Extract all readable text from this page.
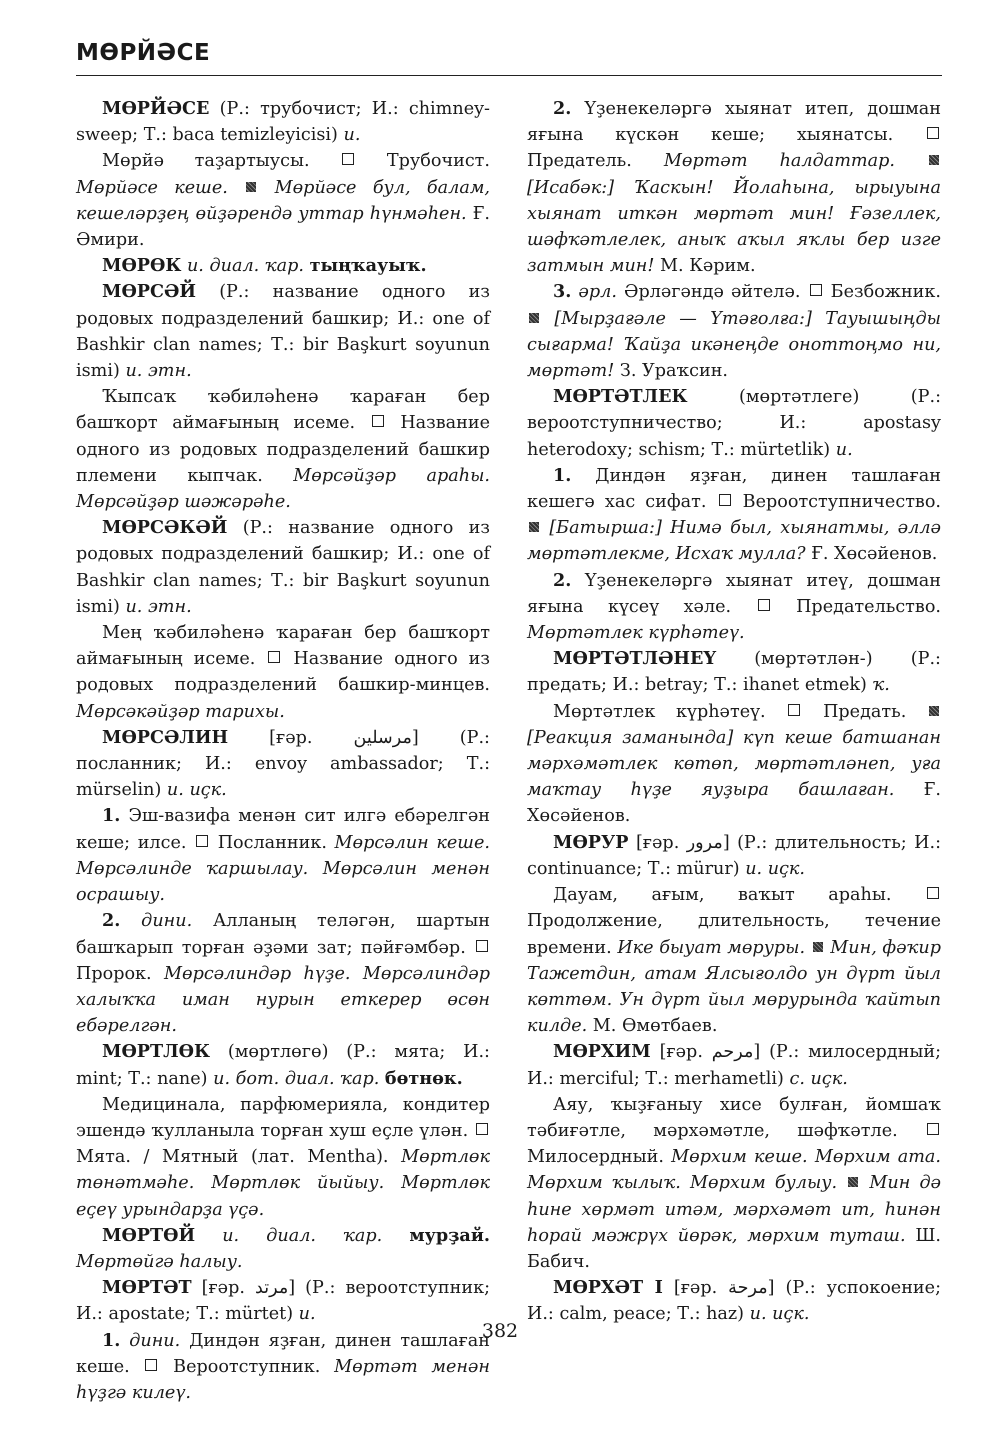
МӨРЙӘСЕ

МӨРЙӘСЕ (Р.: трубочист; И.: chimney-sweep; Т.: baca temizleyicisi) и.

Мөрйә таҙартыусы.	Трубочист. Мөрйәсе кеше.  Мөрйәсе бул, балам, кешеләрҙең өйҙәрендә уттар һүнмәһен. Ғ. Әмири.

МӨРӨК и. диал. ҡар. тыңҡауыҡ.

МӨРСӘЙ (Р.: название одного из родовых подразделений башкир; И.: one of Bashkir clan names; Т.: bir Başkurt soyunun ismi) и. этн.

Ҡыпсаҡ ҡәбиләһенә ҡараған бер башҡорт аймағының исеме.  Название одного из родовых подразделений башкир племени кыпчак. Мөрсәйҙәр араһы. Мөрсәйҙәр шәжәрәһе.

МӨРСӘКӘЙ (Р.: название одного из родовых подразделений башкир; И.: one of Bashkir clan names; Т.: bir Başkurt soyunun ismi) и. этн.

Мең ҡәбиләһенә ҡараған бер башҡорт аймағының исеме.  Название одного из родовых подразделений башкир-минцев. Мөрсәкәйҙәр тарихы.

МӨРСӘЛИН [ғәр. مرسلين] (Р.: посланник; И.: envoy ambassador; Т.: mürselin) и. иҫк.

1. Эш-вазифа менән сит илгә ебәрелгән кеше; илсе.  Посланник. Мөрсәлин кеше. Мөрсәлинде ҡаршылау. Мөрсәлин менән осрашыу.

2. дини. Алланың теләгән, шартын башҡарып торған әҙәми зат; пәйғәмбәр.  Пророк. Мөрсәлиндәр һүҙе. Мөрсәлиндәр халыҡҡа иман нурын еткерер өсөн ебәрелгән.

МӨРТЛӨК (мөртлөгө) (Р.: мята; И.: mint; Т.: nane) и. бот. диал. ҡар. бөтнөк.

Медицинала, парфюмерияла, кондитер эшендә ҡулланыла торған хуш еҫле үлән.  Мята. / Мятный (лат. Mentha). Мөртлөк төнәтмәһе. Мөртлөк йыйыу. Мөртлөк еҫеү урындарҙа үҫә.

МӨРТӨЙ и. диал. ҡар. мурҙай. Мөртөйгә һалыу.

МӨРТӘТ [ғәр. مرتد] (Р.: вероотступник; И.: apostate; Т.: mürtet) и.

1. дини. Диндән яҙған, динен ташлаған кеше.  Вероотступник. Мөртәт менән һүҙгә килеү.

2. Үҙенекеләргә хыянат итеп, дошман яғына күскән кеше; хыянатсы.  Предатель. Мөртәт һалдаттар.  [Исабәк:] Ҡаскын! Йолаһына, ырыуына хыянат иткән мөртәт мин! Ғәзеллек, шәфҡәтлелек, аныҡ аҡыл яҡлы бер изге затмын мин! М. Кәрим.

3. әрл. Әрләгәндә әйтелә.  Безбожник.  [Мырҙағәле — Үтәғолға:] Тауышыңды сығарма! Ҡайҙа икәнеңде оноттоңмо ни, мөртәт! З. Ураҡсин.

МӨРТӘТЛЕК (мөртәтлеге) (Р.: вероотступничество; И.: apostasy heterodoxy; schism; Т.: mürtetlik) и.

1. Диндән яҙған, динен ташлаған кешегә хас сифат.  Вероотступничество.  [Батырша:] Нимә был, хыянатмы, әллә мөртәтлекме, Исхаҡ мулла? Ғ. Хөсәйенов.

2. Үҙенекеләргә хыянат итеү, дошман яғына күсеү хәле.  Предательство. Мөртәтлек күрһәтеү.

МӨРТӘТЛӘНЕҮ (мөртәтлән-) (Р.: предать; И.: betray; Т.: ihanet etmek) ҡ.

Мөртәтлек күрһәтеү.  Предать.  [Реакция заманында] күп кеше батшанан мәрхәмәтлек көтөп, мөртәтләнеп, уға маҡтау һүҙе яуҙыра башлаған. Ғ. Хөсәйенов.

МӨРУР [ғәр. مرور] (Р.: длительность; И.: continuance; Т.: mürur) и. иҫк.

Дауам, ағым, ваҡыт араһы.  Продолжение, длительность, течение времени. Ике быуат мөруры.  Мин, фәҡир Тажетдин, атам Ялсығолдо ун дүрт йыл көттөм. Ун дүрт йыл мөрурында ҡайтып килде. М. Өмөтбаев.

МӨРХИМ [ғәр. مرحم] (Р.: милосердный; И.: merciful; Т.: merhametli) с. иҫк.

Аяу, ҡыҙғаныу хисе булған, йомшаҡ тәбиғәтле, мәрхәмәтле, шәфҡәтле.  Милосердный. Мөрхим кеше. Мөрхим ата. Мөрхим ҡылыҡ. Мөрхим булыу.  Мин дә һине хөрмәт итәм, мәрхәмәт ит, һинән һорай мәжрүх йөрәк, мөрхим туташ. Ш. Бабич.

МӨРХӘТ I [ғәр. مرحة] (Р.: успокоение; И.: calm, peace; Т.: haz) и. иҫк.

382
